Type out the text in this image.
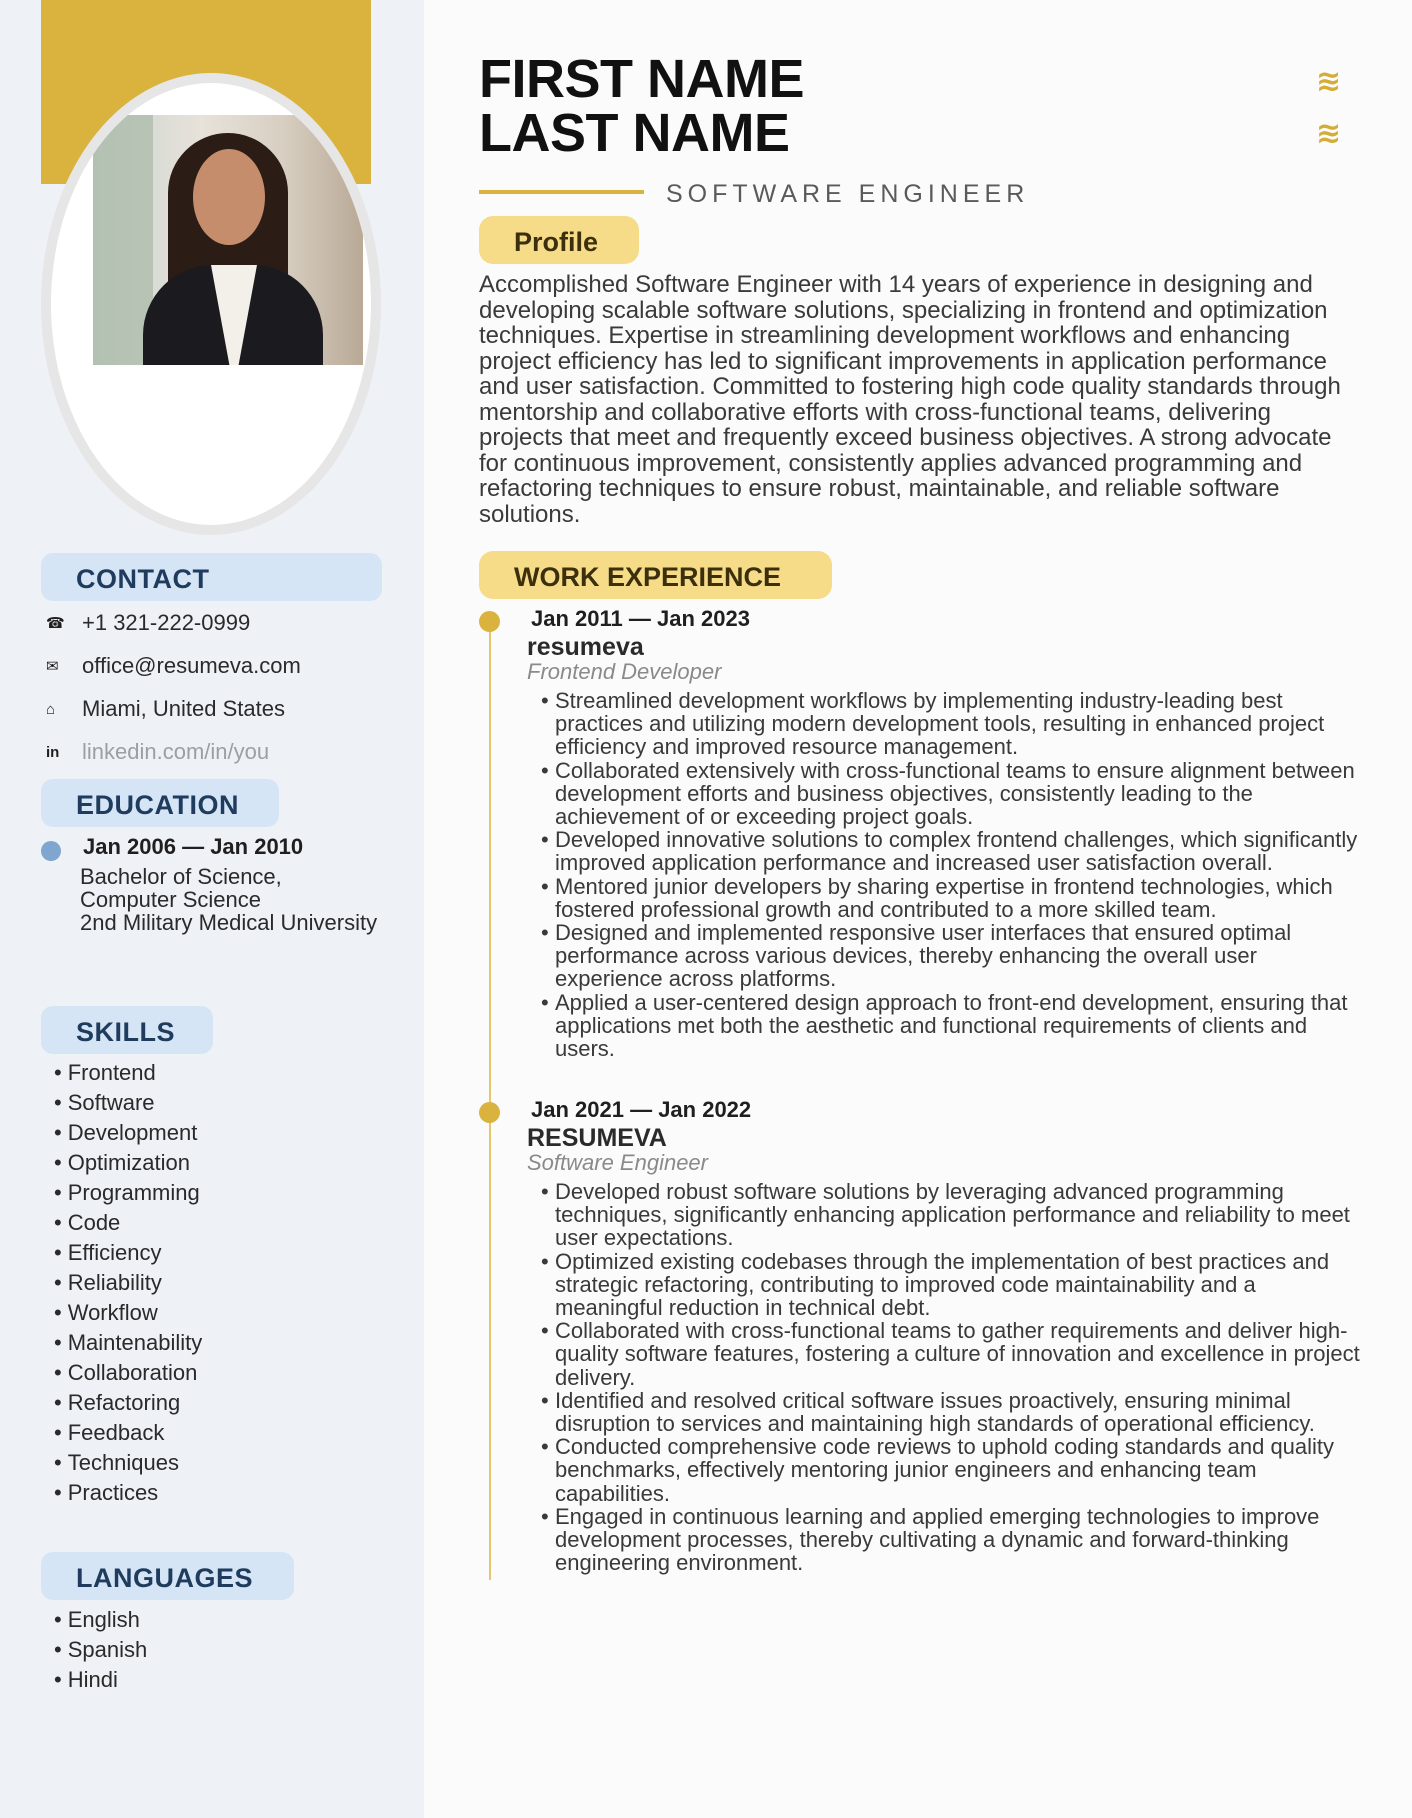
CONTACT
☎ +1 321-222-0999
✉	office@resumeva.com
⌂	Miami, United States
in	linkedin.com/in/you
EDUCATION
Jan 2006 — Jan 2010
Bachelor of Science, Computer Science
2nd Military Medical University
SKILLS
• Frontend
• Software
• Development
• Optimization
• Programming
• Code
• Efficiency
• Reliability
• Workflow
• Maintenability
• Collaboration
• Refactoring
• Feedback
• Techniques
• Practices
LANGUAGES
• English
• Spanish
• Hindi
FIRST NAME
LAST NAME
≋
≋
SOFTWARE ENGINEER
Profile

Accomplished Software Engineer with 14 years of experience in designing and developing scalable software solutions, specializing in frontend and optimization techniques. Expertise in streamlining development workflows and enhancing project efficiency has led to significant improvements in application performance and user satisfaction. Committed to fostering high code quality standards through mentorship and collaborative efforts with cross-functional teams, delivering projects that meet and frequently exceed business objectives. A strong advocate for continuous improvement, consistently applies advanced programming and refactoring techniques to ensure robust, maintainable, and reliable software solutions.

WORK EXPERIENCE
Jan 2011 — Jan 2023
resumeva
Frontend Developer
• Streamlined development workflows by implementing industry-leading best practices and utilizing modern development tools, resulting in enhanced project efficiency and improved resource management.
• Collaborated extensively with cross-functional teams to ensure alignment between development efforts and business objectives, consistently leading to the achievement of or exceeding project goals.
• Developed innovative solutions to complex frontend challenges, which significantly improved application performance and increased user satisfaction overall.
• Mentored junior developers by sharing expertise in frontend technologies, which fostered professional growth and contributed to a more skilled team.
• Designed and implemented responsive user interfaces that ensured optimal performance across various devices, thereby enhancing the overall user experience across platforms.
• Applied a user-centered design approach to front-end development, ensuring that applications met both the aesthetic and functional requirements of clients and users.
Jan 2021 — Jan 2022
RESUMEVA
Software Engineer
• Developed robust software solutions by leveraging advanced programming techniques, significantly enhancing application performance and reliability to meet user expectations.
• Optimized existing codebases through the implementation of best practices and strategic refactoring, contributing to improved code maintainability and a meaningful reduction in technical debt.
• Collaborated with cross-functional teams to gather requirements and deliver high-quality software features, fostering a culture of innovation and excellence in project delivery.
• Identified and resolved critical software issues proactively, ensuring minimal disruption to services and maintaining high standards of operational efficiency.
• Conducted comprehensive code reviews to uphold coding standards and quality benchmarks, effectively mentoring junior engineers and enhancing team capabilities.
• Engaged in continuous learning and applied emerging technologies to improve development processes, thereby cultivating a dynamic and forward-thinking engineering environment.
